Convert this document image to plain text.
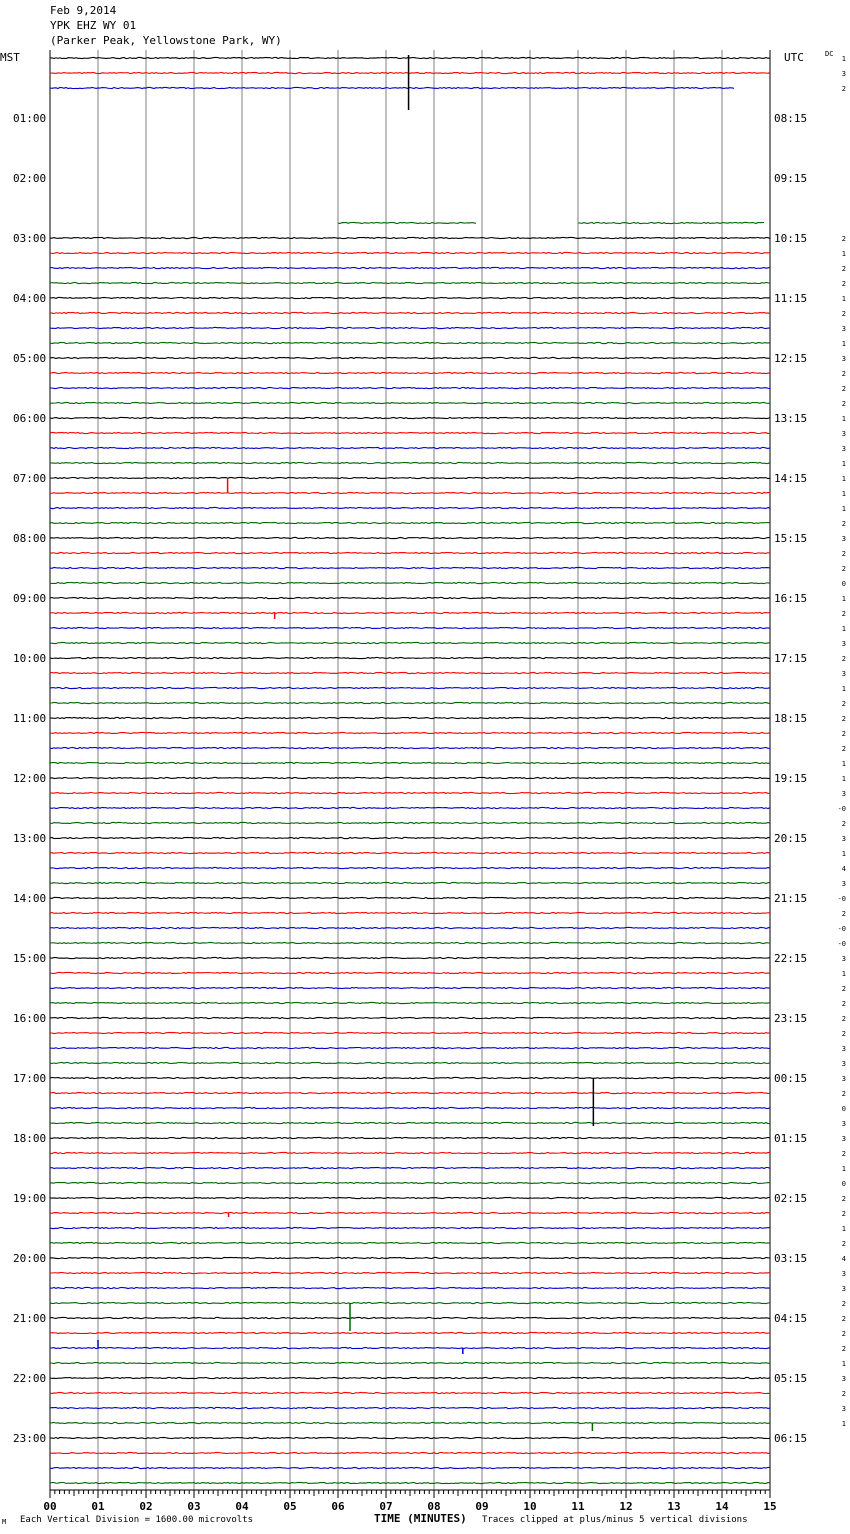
Feb 9,2014
YPK EHZ WY 01
(Parker Peak, Yellowstone Park, WY)
00	01	02	03	04	05	06	07	08	09	10	11	12	13	14	15
MST	UTC	DC
01:00	08:15
02:00	09:15
03:00	10:15
04:00	11:15
05:00	12:15
06:00	13:15
07:00	14:15
08:00	15:15
09:00	16:15
10:00	17:15
11:00	18:15
12:00	19:15
13:00	20:15
14:00	21:15
15:00	22:15
16:00	23:15
17:00	00:15
18:00	01:15
19:00	02:15
20:00	03:15
21:00	04:15
22:00	05:15
23:00	06:15
1
3
2
2
1
2
2
1
2
3
1
3
2
2
2
1
3
3
1
1
1
1
2
3
2
2
0
1
2
1
3
2
3
1
2
2
2
2
1
1
3
-0
2
3
1
4
3
-0
2
-0
-0
3
1
2
2
2
2
3
3
3
2
0
3
3
2
1
0
2
2
1
2
4
3
3
2
2
2
2
1
3
2
3
1
TIME (MINUTES)
Each Vertical Division = 1600.00 microvolts	Traces clipped at plus/minus 5 vertical divisions
M
